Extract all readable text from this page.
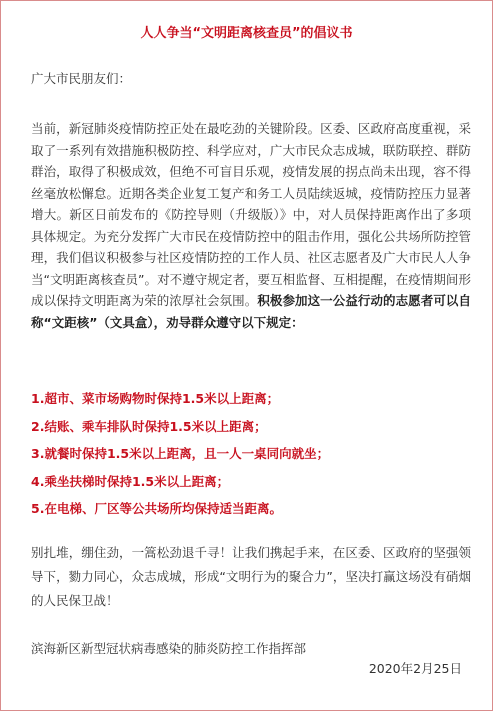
人人争当“文明距离核查员”的倡议书
广大市民朋友们：
当前，新冠肺炎疫情防控正处在最吃劲的关键阶段。区委、区政府高度重视，采取了一系列有效措施积极防控、科学应对，广大市民众志成城，联防联控、群防群治，取得了积极成效，但绝不可盲目乐观，疫情发展的拐点尚未出现，容不得丝毫放松懈怠。近期各类企业复工复产和务工人员陆续返城，疫情防控压力显著增大。新区日前发布的《防控导则（升级版）》中，对人员保持距离作出了多项具体规定。为充分发挥广大市民在疫情防控中的阻击作用，强化公共场所防控管理，我们倡议积极参与社区疫情防控的工作人员、社区志愿者及广大市民人人争当“文明距离核查员”。对不遵守规定者，要互相监督、互相提醒，在疫情期间形成以保持文明距离为荣的浓厚社会氛围。积极参加这一公益行动的志愿者可以自称“文距核”（文具盒），劝导群众遵守以下规定：
1.超市、菜市场购物时保持1.5米以上距离；
2.结账、乘车排队时保持1.5米以上距离；
3.就餐时保持1.5米以上距离，且一人一桌同向就坐；
4.乘坐扶梯时保持1.5米以上距离；
5.在电梯、厂区等公共场所均保持适当距离。
别扎堆，绷住劲，一篙松劲退千寻！让我们携起手来，在区委、区政府的坚强领导下，勠力同心，众志成城，形成“文明行为的聚合力”，坚决打赢这场没有硝烟的人民保卫战！
滨海新区新型冠状病毒感染的肺炎防控工作指挥部
2020年2月25日
